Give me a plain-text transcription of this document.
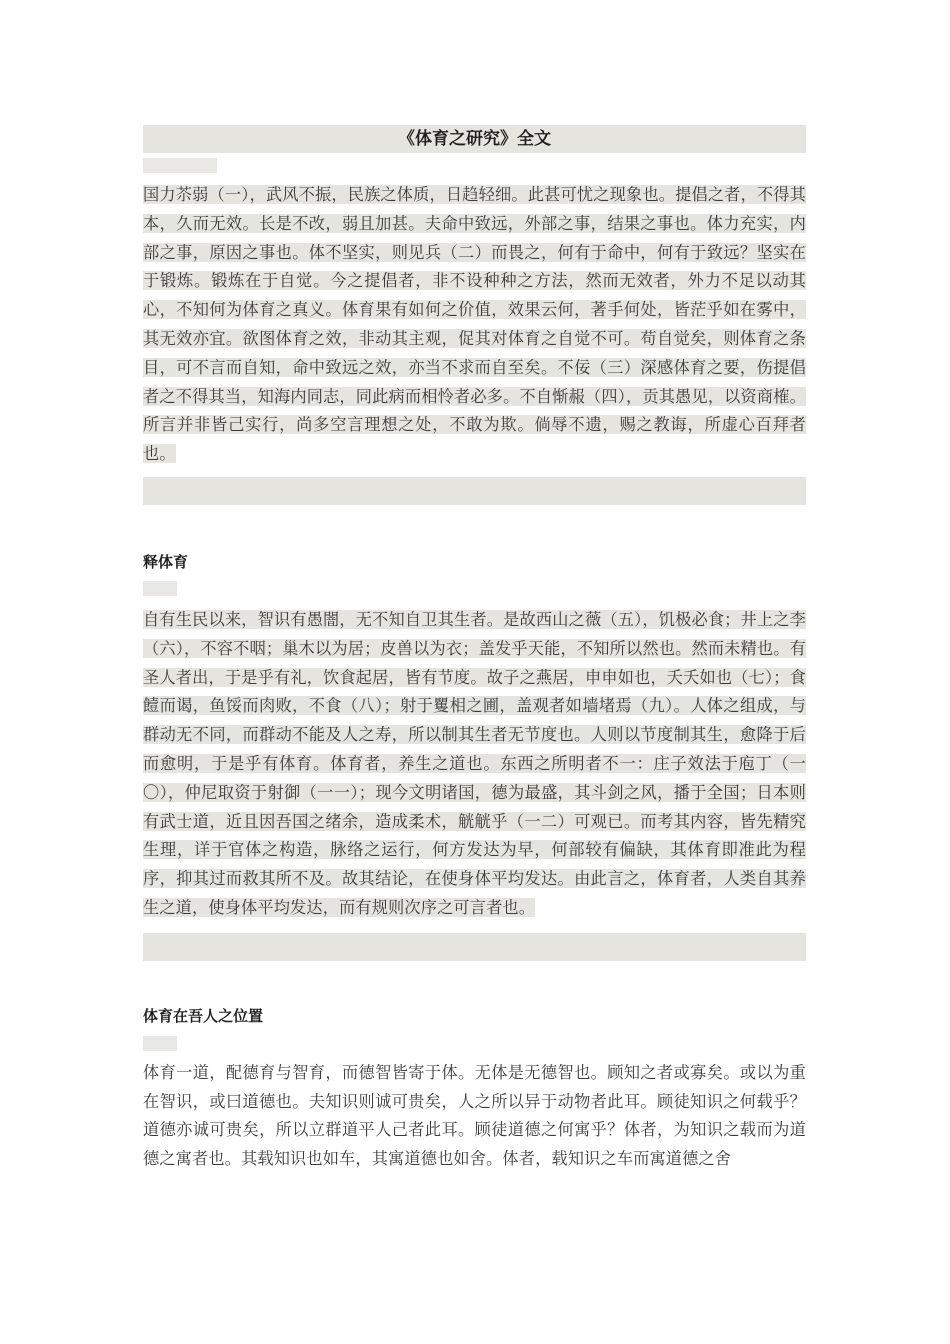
《体育之研究》全文

国力苶弱（一），武风不振，民族之体质，日趋轻细。此甚可忧之现象也。提倡之者，不得其本，久而无效。长是不改，弱且加甚。夫命中致远，外部之事，结果之事也。体力充实，内部之事，原因之事也。体不坚实，则见兵（二）而畏之，何有于命中，何有于致远？坚实在于锻炼。锻炼在于自觉。今之提倡者，非不设种种之方法，然而无效者，外力不足以动其心，不知何为体育之真义。体育果有如何之价值，效果云何，著手何处，皆茫乎如在雾中，其无效亦宜。欲图体育之效，非动其主观，促其对体育之自觉不可。苟自觉矣，则体育之条目，可不言而自知，命中致远之效，亦当不求而自至矣。不佞（三）深感体育之要，伤提倡者之不得其当，知海内同志，同此病而相怜者必多。不自惭赧（四），贡其愚见，以资商榷。所言并非皆己实行，尚多空言理想之处，不敢为欺。倘辱不遗，赐之教诲，所虚心百拜者也。

释体育

自有生民以来，智识有愚闇，无不知自卫其生者。是故西山之薇（五），饥极必食；井上之李（六），不容不咽；巢木以为居；皮兽以为衣；盖发乎天能，不知所以然也。然而未精也。有圣人者出，于是乎有礼，饮食起居，皆有节度。故子之燕居，申申如也，夭夭如也（七）；食饐而谒，鱼馁而肉败，不食（八）；射于矍相之圃，盖观者如墙堵焉（九）。人体之组成，与群动无不同，而群动不能及人之寿，所以制其生者无节度也。人则以节度制其生，愈降于后而愈明，于是乎有体育。体育者，养生之道也。东西之所明者不一：庄子效法于庖丁（一〇），仲尼取资于射御（一一）；现今文明诸国，德为最盛，其斗剑之风，播于全国；日本则有武士道，近且因吾国之绪余，造成柔术，觥觥乎（一二）可观已。而考其内容，皆先精究生理，详于官体之构造，脉络之运行，何方发达为早，何部较有偏缺，其体育即准此为程序，抑其过而救其所不及。故其结论，在使身体平均发达。由此言之，体育者，人类自其养生之道，使身体平均发达，而有规则次序之可言者也。

体育在吾人之位置

体育一道，配德育与智育，而德智皆寄于体。无体是无德智也。顾知之者或寡矣。或以为重在智识，或曰道德也。夫知识则诚可贵矣，人之所以异于动物者此耳。顾徒知识之何载乎？道德亦诚可贵矣，所以立群道平人己者此耳。顾徒道德之何寓乎？体者，为知识之载而为道德之寓者也。其载知识也如车，其寓道德也如舍。体者，载知识之车而寓道德之舍
